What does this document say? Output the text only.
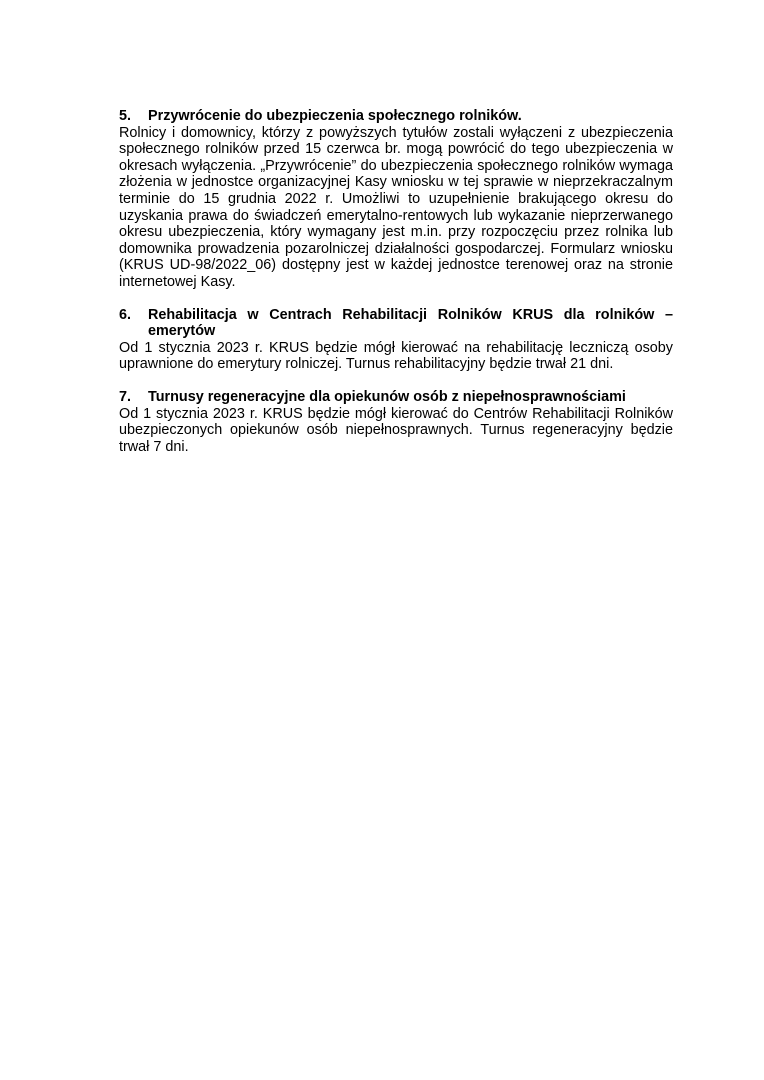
5.	Przywrócenie do ubezpieczenia społecznego rolników.

Rolnicy i domownicy, którzy z powyższych tytułów zostali wyłączeni z ubezpieczenia społecznego rolników przed 15 czerwca br. mogą powrócić do tego ubezpieczenia w okresach wyłączenia. „Przywrócenie” do ubezpieczenia społecznego rolników wymaga złożenia w jednostce organizacyjnej Kasy wniosku w tej sprawie w nieprzekraczalnym terminie do 15 grudnia 2022 r. Umożliwi to uzupełnienie brakującego okresu do uzyskania prawa do świadczeń emerytalno-rentowych lub wykazanie nieprzerwanego okresu ubezpieczenia, który wymagany jest m.in. przy rozpoczęciu przez rolnika lub domownika prowadzenia pozarolniczej działalności gospodarczej. Formularz wniosku (KRUS UD-98/2022_06) dostępny jest w każdej jednostce terenowej oraz na stronie internetowej Kasy.

6.	Rehabilitacja w Centrach Rehabilitacji Rolników KRUS dla rolników – emerytów

Od 1 stycznia 2023 r. KRUS będzie mógł kierować na rehabilitację leczniczą osoby uprawnione do emerytury rolniczej. Turnus rehabilitacyjny będzie trwał 21 dni.

7.	Turnusy regeneracyjne dla opiekunów osób z niepełnosprawnościami

Od 1 stycznia 2023 r. KRUS będzie mógł kierować do Centrów Rehabilitacji Rolników ubezpieczonych opiekunów osób niepełnosprawnych. Turnus regeneracyjny będzie trwał 7 dni.
